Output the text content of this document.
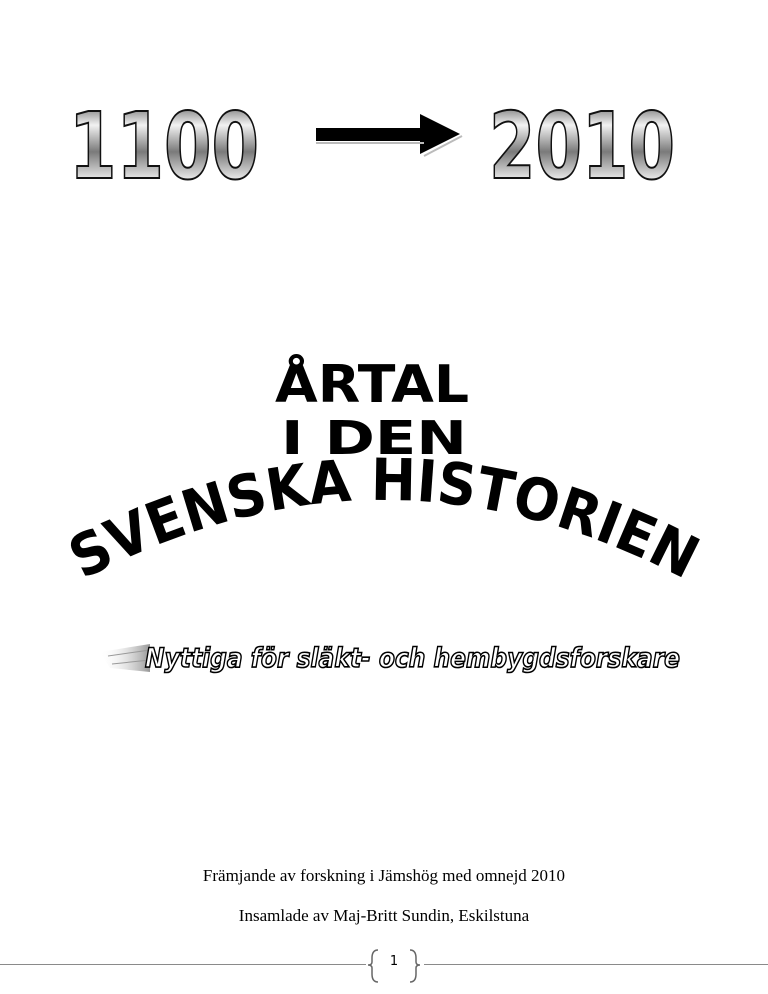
1100	2010
ÅRTAL
I DEN
SVENSKA HISTORIEN
Nyttiga för släkt- och hembygdsforskare
Främjande av forskning i Jämshög med omnejd 2010
Insamlade av Maj-Britt Sundin, Eskilstuna
1
